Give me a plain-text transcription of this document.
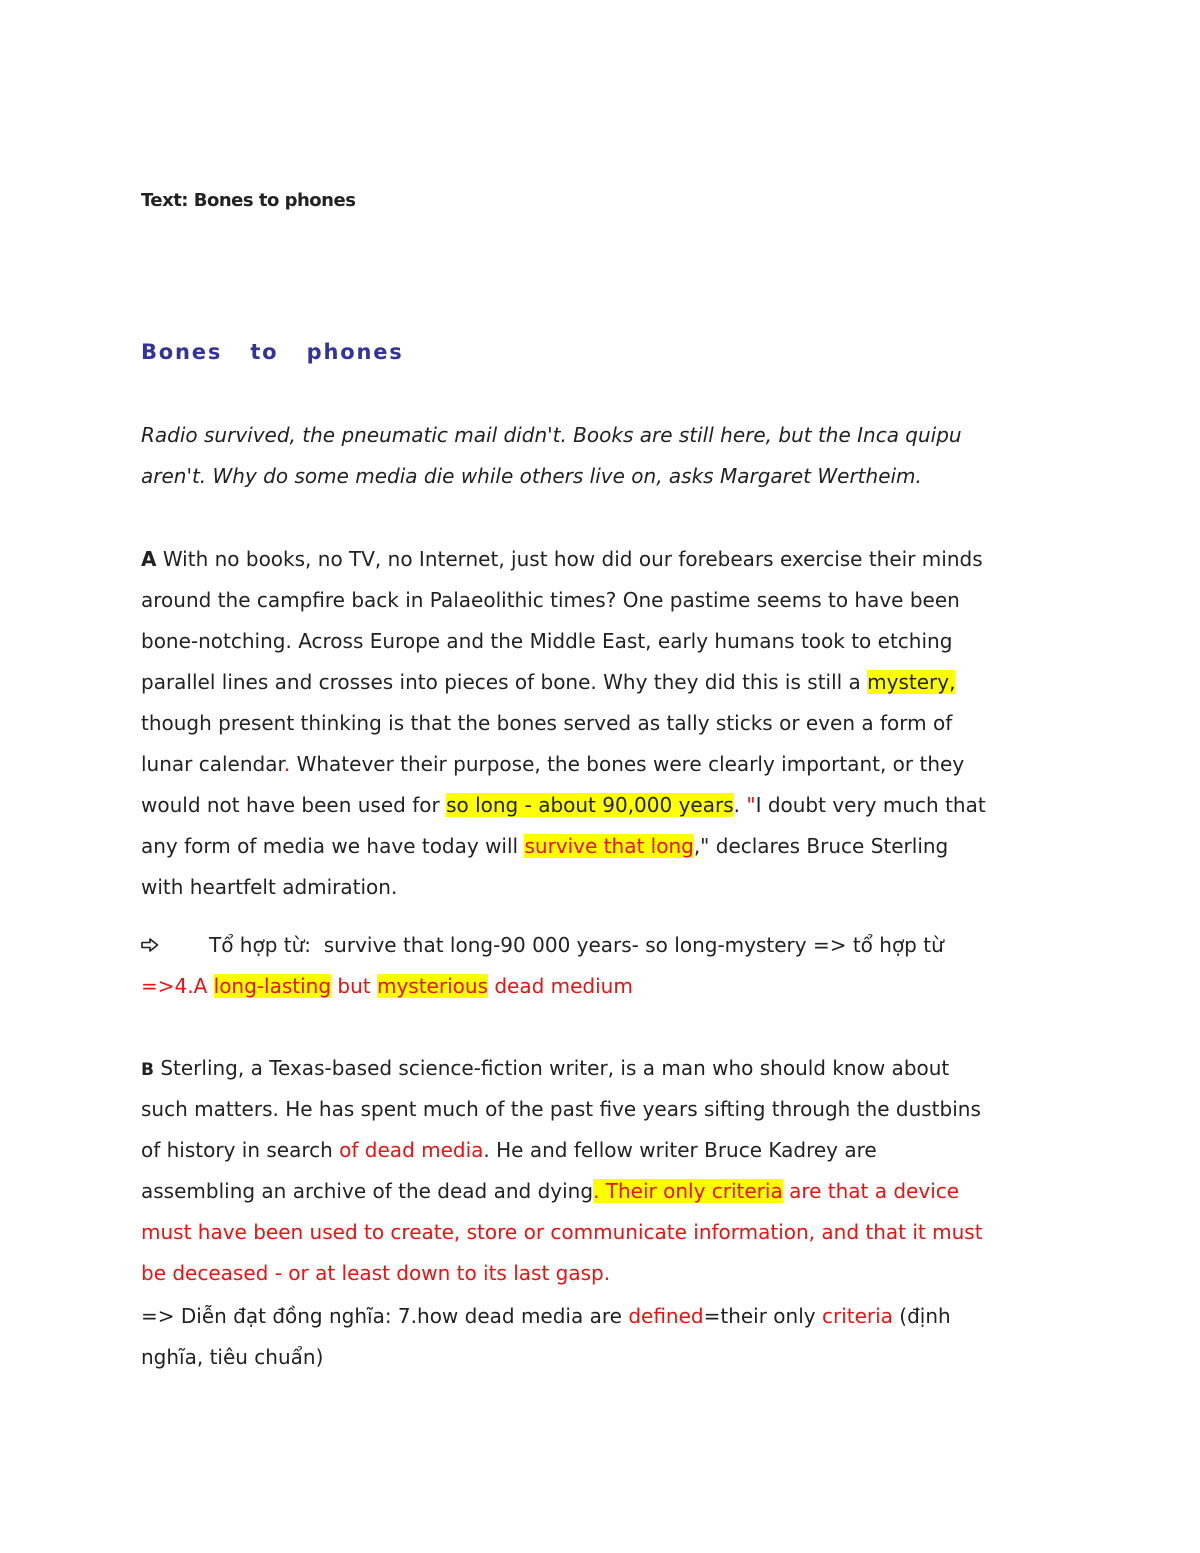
Text: Bones to phones
Bones  to  phones
Radio survived, the pneumatic mail didn't. Books are still here, but the Inca quipu
aren't. Why do some media die while others live on, asks Margaret Wertheim.
A With no books, no TV, no Internet, just how did our forebears exercise their minds
around the campfire back in Palaeolithic times? One pastime seems to have been
bone-notching. Across Europe and the Middle East, early humans took to etching
parallel lines and crosses into pieces of bone. Why they did this is still a mystery,
though present thinking is that the bones served as tally sticks or even a form of
lunar calendar. Whatever their purpose, the bones were clearly important, or they
would not have been used for so long - about 90,000 years. "I doubt very much that
any form of media we have today will survive that long," declares Bruce Sterling
with heartfelt admiration.
Tổ hợp từ:  survive that long-90 000 years- so long-mystery => tổ hợp từ
=>4.A long-lasting but mysterious dead medium
B Sterling, a Texas-based science-fiction writer, is a man who should know about
such matters. He has spent much of the past five years sifting through the dustbins
of history in search of dead media. He and fellow writer Bruce Kadrey are
assembling an archive of the dead and dying. Their only criteria are that a device
must have been used to create, store or communicate information, and that it must
be deceased - or at least down to its last gasp.
=> Diễn đạt đồng nghĩa: 7.how dead media are defined=their only criteria (định
nghĩa, tiêu chuẩn)
